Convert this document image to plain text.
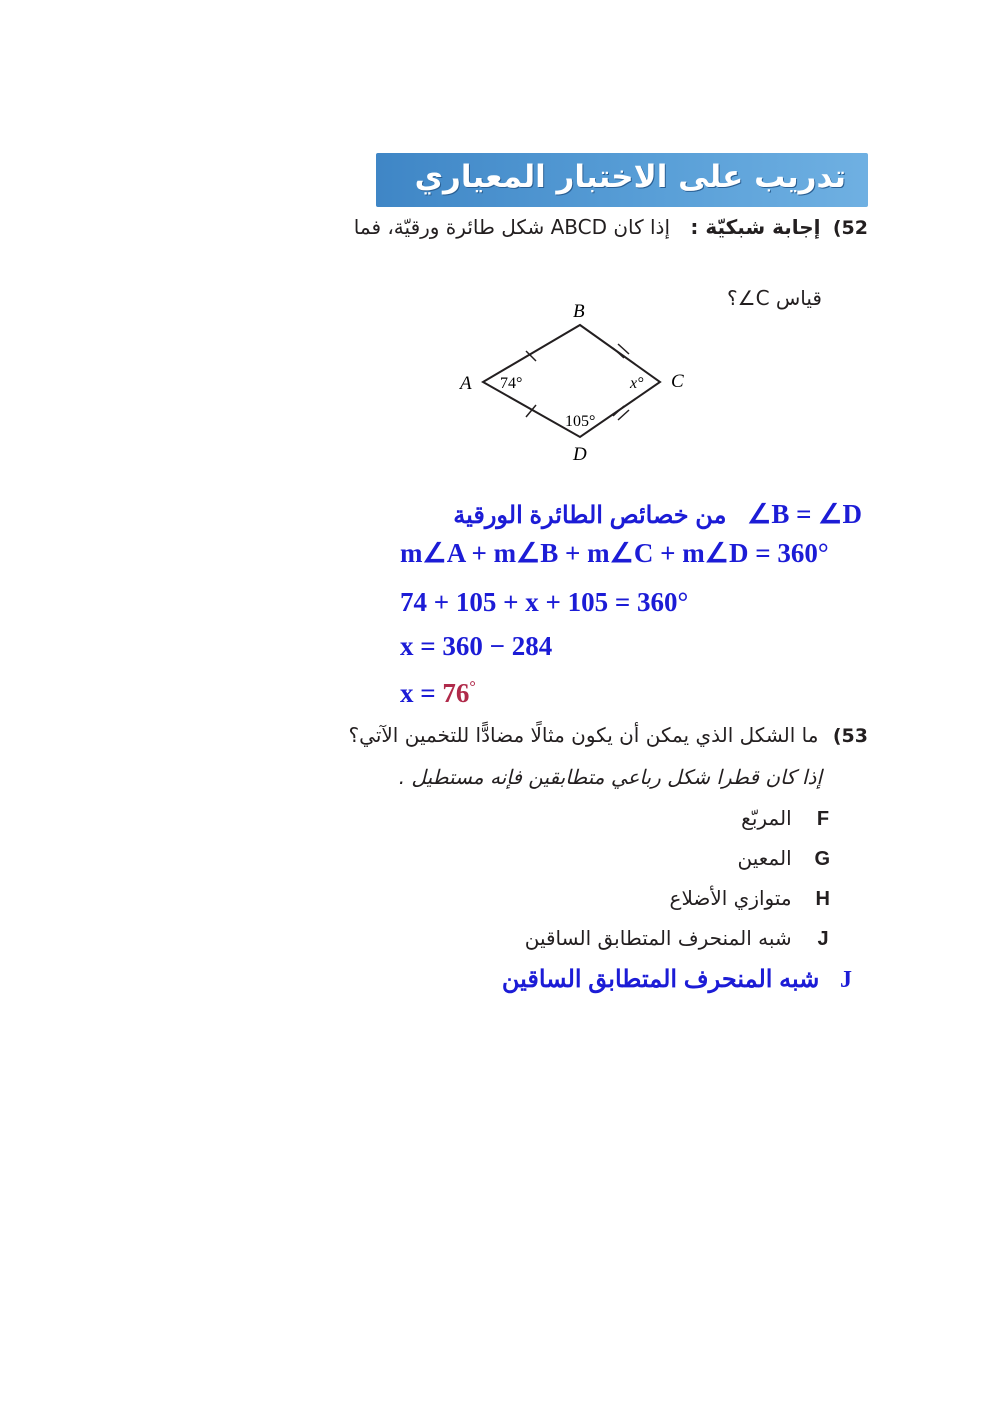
تدريب على الاختبار المعياري
52) إجابة شبكيّة : إذا كان ABCD شكل طائرة ورقيّة، فما
قياس C∠؟
A
B
C
D
74°	x°
105°
من خصائص الطائرة الورقية ∠B = ∠D
m∠A + m∠B + m∠C + m∠D = 360°
74 + 105 + x + 105 = 360°
x = 360 − 284
x = 76°
53) ما الشكل الذي يمكن أن يكون مثالًا مضادًّا للتخمين الآتي؟
إذا كان قطرا شكل رباعي متطابقين فإنه مستطيل .
F المربّع
G المعين
H متوازي الأضلاع
J شبه المنحرف المتطابق الساقين
J شبه المنحرف المتطابق الساقين
